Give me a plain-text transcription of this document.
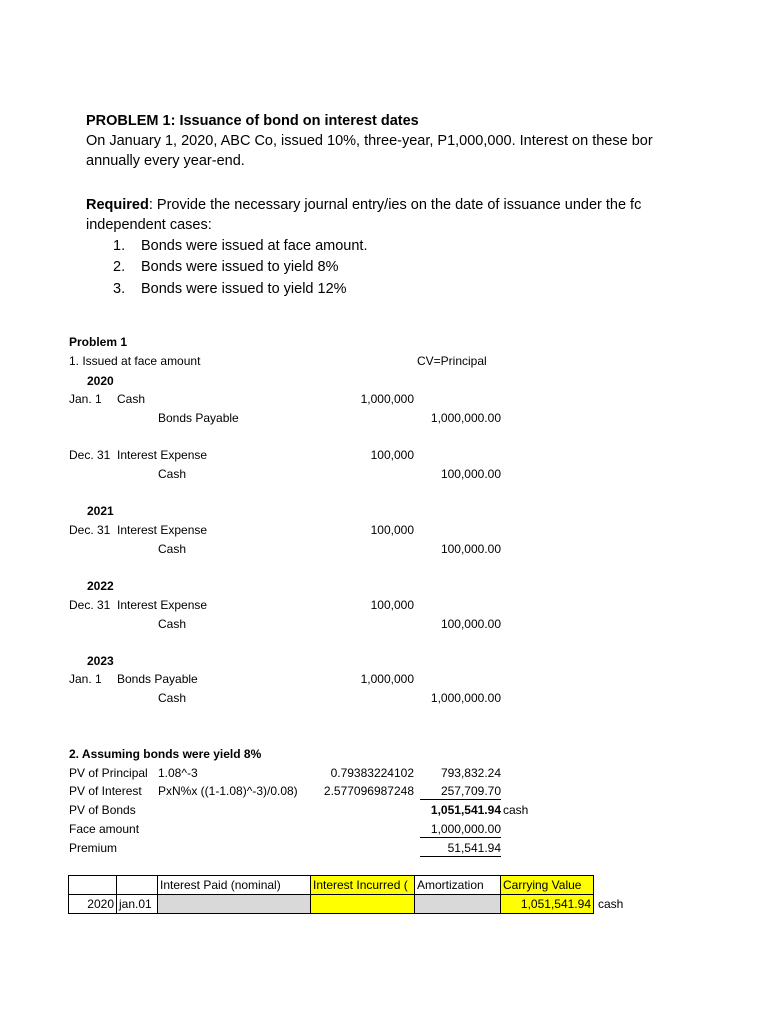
PROBLEM 1: Issuance of bond on interest dates
On January 1, 2020, ABC Co, issued 10%, three-year, P1,000,000. Interest on these bor
annually every year-end.
Required: Provide the necessary journal entry/ies on the date of issuance under the fc
independent cases:
1. Bonds were issued at face amount.
2. Bonds were issued to yield 8%
3. Bonds were issued to yield 12%
Problem 1
1. Issued at face amount	CV=Principal
2020
Jan. 1 Cash	1,000,000
Bonds Payable	1,000,000.00
Dec. 31 Interest Expense	100,000
Cash	100,000.00
2021
Dec. 31 Interest Expense	100,000
Cash	100,000.00
2022
Dec. 31 Interest Expense	100,000
Cash	100,000.00
2023
Jan. 1 Bonds Payable	1,000,000
Cash	1,000,000.00
2. Assuming bonds were yield 8%
PV of Principal 1.08^-3	0.79383224102	793,832.24
PV of Interest PxN%x ((1-1.08)^-3)/0.08)	2.577096987248	257,709.70
PV of Bonds	1,051,541.94 cash
Face amount	1,000,000.00
Premium	51,541.94
		Interest Paid (nominal)	Interest Incurred (	Amortization	Carrying Value	
2020	jan.01				1,051,541.94	cash
